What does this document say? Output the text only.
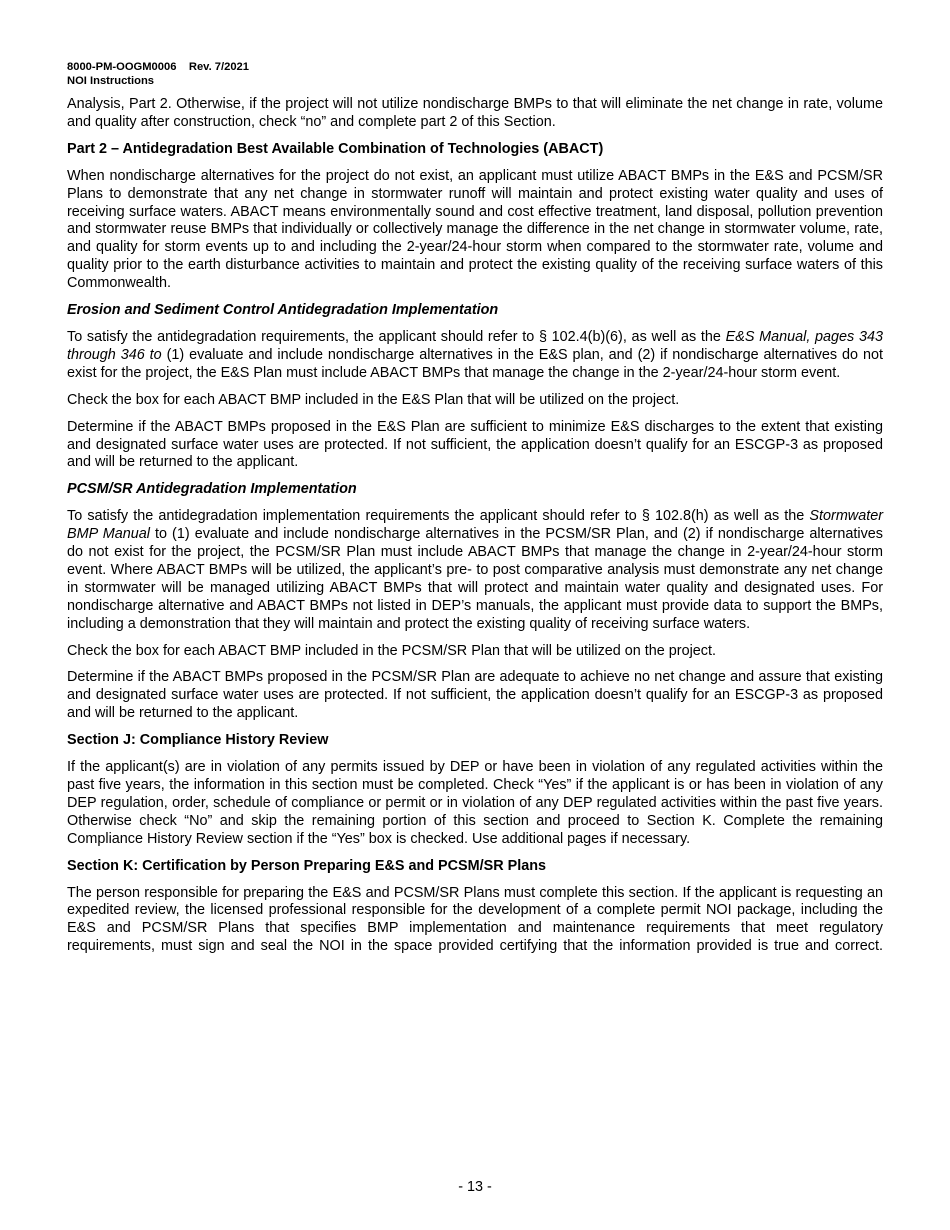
8000-PM-OOGM0006 Rev. 7/2021
NOI Instructions

Analysis, Part 2. Otherwise, if the project will not utilize nondischarge BMPs to that will eliminate the net change in rate, volume and quality after construction, check “no” and complete part 2 of this Section.

Part 2 – Antidegradation Best Available Combination of Technologies (ABACT)

When nondischarge alternatives for the project do not exist, an applicant must utilize ABACT BMPs in the E&S and PCSM/SR Plans to demonstrate that any net change in stormwater runoff will maintain and protect existing water quality and uses of receiving surface waters. ABACT means environmentally sound and cost effective treatment, land disposal, pollution prevention and stormwater reuse BMPs that individually or collectively manage the difference in the net change in stormwater volume, rate, and quality for storm events up to and including the 2-year/24-hour storm when compared to the stormwater rate, volume and quality prior to the earth disturbance activities to maintain and protect the existing quality of the receiving surface waters of this Commonwealth.

Erosion and Sediment Control Antidegradation Implementation

To satisfy the antidegradation requirements, the applicant should refer to § 102.4(b)(6), as well as the E&S Manual, pages 343 through 346 to (1) evaluate and include nondischarge alternatives in the E&S plan, and (2) if nondischarge alternatives do not exist for the project, the E&S Plan must include ABACT BMPs that manage the change in the 2-year/24-hour storm event.

Check the box for each ABACT BMP included in the E&S Plan that will be utilized on the project.

Determine if the ABACT BMPs proposed in the E&S Plan are sufficient to minimize E&S discharges to the extent that existing and designated surface water uses are protected. If not sufficient, the application doesn’t qualify for an ESCGP-3 as proposed and will be returned to the applicant.

PCSM/SR Antidegradation Implementation

To satisfy the antidegradation implementation requirements the applicant should refer to § 102.8(h) as well as the Stormwater BMP Manual to (1) evaluate and include nondischarge alternatives in the PCSM/SR Plan, and (2) if nondischarge alternatives do not exist for the project, the PCSM/SR Plan must include ABACT BMPs that manage the change in 2-year/24-hour storm event. Where ABACT BMPs will be utilized, the applicant’s pre- to post comparative analysis must demonstrate any net change in stormwater will be managed utilizing ABACT BMPs that will protect and maintain water quality and designated uses. For nondischarge alternative and ABACT BMPs not listed in DEP’s manuals, the applicant must provide data to support the BMPs, including a demonstration that they will maintain and protect the existing quality of receiving surface waters.

Check the box for each ABACT BMP included in the PCSM/SR Plan that will be utilized on the project.

Determine if the ABACT BMPs proposed in the PCSM/SR Plan are adequate to achieve no net change and assure that existing and designated surface water uses are protected. If not sufficient, the application doesn’t qualify for an ESCGP-3 as proposed and will be returned to the applicant.

Section J: Compliance History Review

If the applicant(s) are in violation of any permits issued by DEP or have been in violation of any regulated activities within the past five years, the information in this section must be completed. Check “Yes” if the applicant is or has been in violation of any DEP regulation, order, schedule of compliance or permit or in violation of any DEP regulated activities within the past five years. Otherwise check “No” and skip the remaining portion of this section and proceed to Section K. Complete the remaining Compliance History Review section if the “Yes” box is checked. Use additional pages if necessary.

Section K: Certification by Person Preparing E&S and PCSM/SR Plans

The person responsible for preparing the E&S and PCSM/SR Plans must complete this section. If the applicant is requesting an expedited review, the licensed professional responsible for the development of a complete permit NOI package, including the E&S and PCSM/SR Plans that specifies BMP implementation and maintenance requirements that meet regulatory requirements, must sign and seal the NOI in the space provided certifying that the information provided is true and correct.

- 13 -
